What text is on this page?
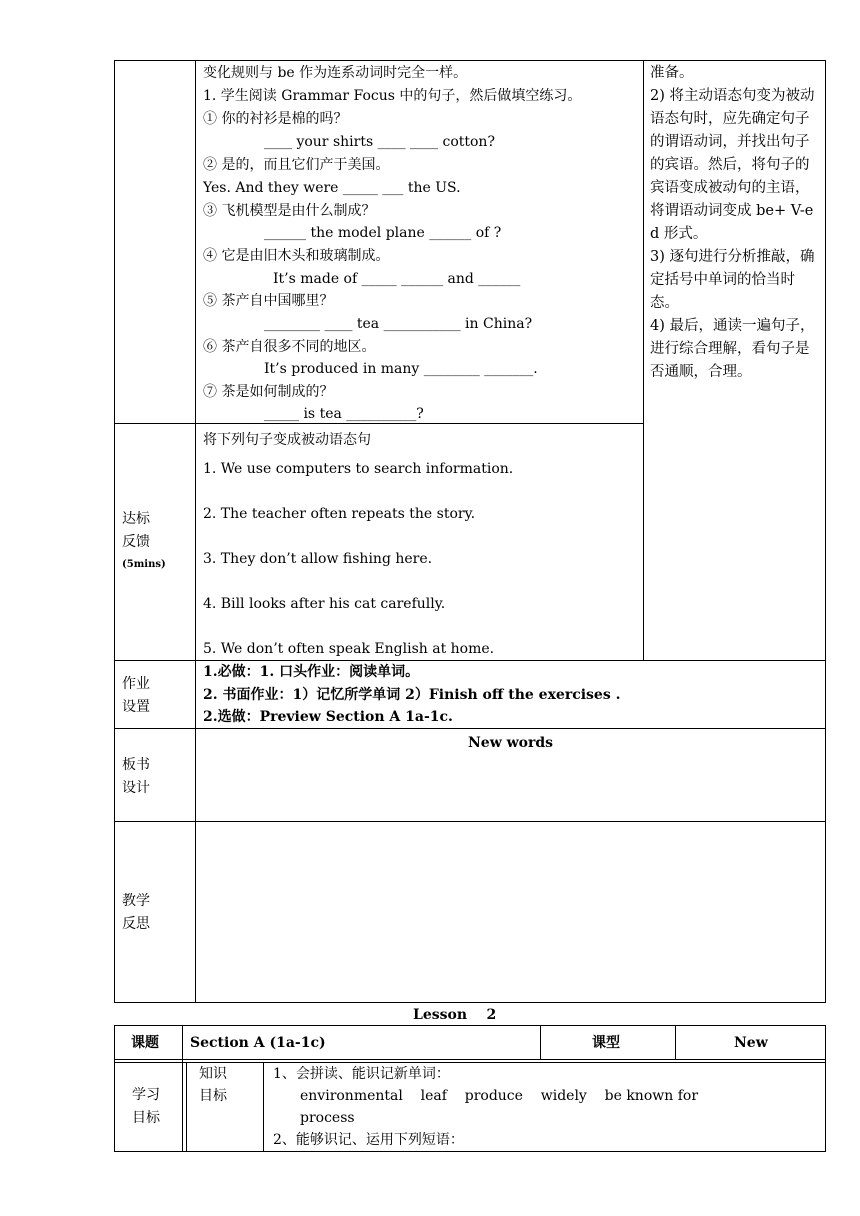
变化规则与 be 作为连系动词时完全一样。
1. 学生阅读 Grammar Focus 中的句子，然后做填空练习。
① 你的衬衫是棉的吗？
____ your shirts ____ ____ cotton?
② 是的，而且它们产于美国。
Yes. And they were _____ ___ the US.
③ 飞机模型是由什么制成？
______ the model plane ______ of ?
④ 它是由旧木头和玻璃制成。
It’s made of _____ ______ and ______
⑤ 茶产自中国哪里？
________ ____ tea ___________ in China?
⑥ 茶产自很多不同的地区。
It’s produced in many ________ _______.
⑦ 茶是如何制成的？
_____ is tea __________?
准备。
2) 将主动语态句变为被动语态句时，应先确定句子的谓语动词，并找出句子的宾语。然后，将句子的宾语变成被动句的主语，将谓语动词变成 be+ V-ed 形式。
3) 逐句进行分析推敲，确定括号中单词的恰当时态。
4) 最后，通读一遍句子，进行综合理解，看句子是否通顺，合理。
达标
反馈
(5mins)
将下列句子变成被动语态句
1. We use computers to search information.
2. The teacher often repeats the story.
3. They don’t allow fishing here.
4. Bill looks after his cat carefully.
5. We don’t often speak English at home.
作业
设置
1.必做：1. 口头作业：阅读单词。
2. 书面作业：1）记忆所学单词 2）Finish off the exercises .
2.选做：Preview Section A 1a-1c.
板书
设计
New words
教学
反思
Lesson    2
课题 Section A (1a-1c)	课型	New
学习
目标
知识
目标
1、会拼读、能识记新单词：
environmental    leaf    produce    widely    be known for
process
2、能够识记、运用下列短语：
